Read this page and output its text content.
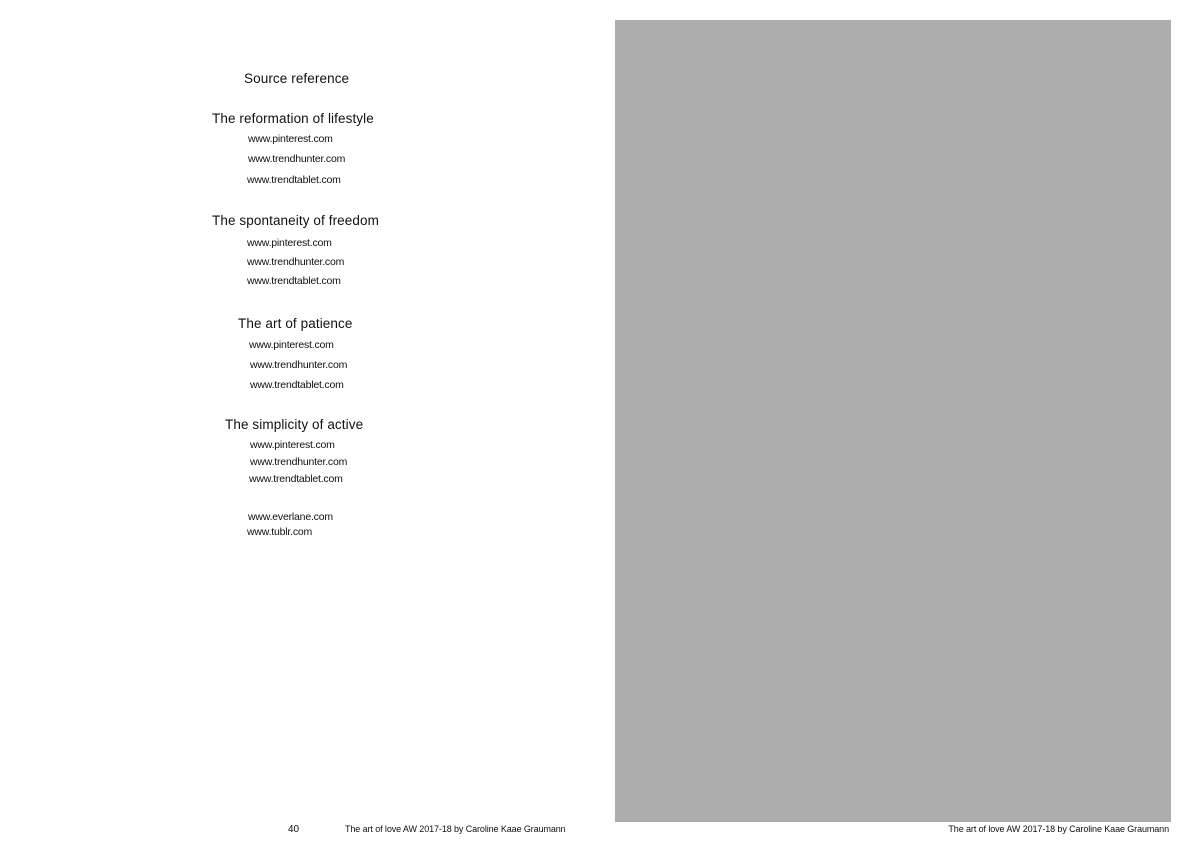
Source reference
The reformation of lifestyle
www.pinterest.com
www.trendhunter.com
www.trendtablet.com
The spontaneity of freedom
www.pinterest.com
www.trendhunter.com
www.trendtablet.com
The art of patience
www.pinterest.com
www.trendhunter.com
www.trendtablet.com
The simplicity of active
www.pinterest.com
www.trendhunter.com
www.trendtablet.com
www.everlane.com
www.tublr.com
40	The art of love AW 2017-18 by Caroline Kaae Graumann	The art of love AW 2017-18 by Caroline Kaae Graumann
